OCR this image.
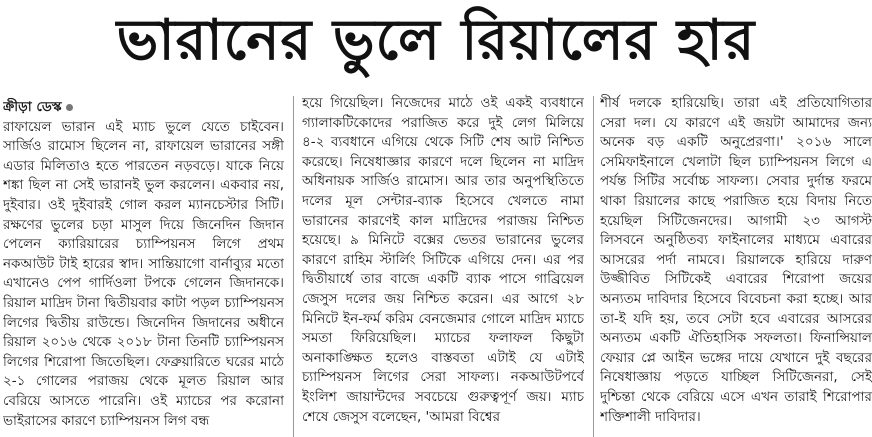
ভারানের ভুলে রিয়ালের হার

ক্রীড়া ডেস্ক
রাফায়েল ভারান এই ম্যাচ ভুলে যেতে চাইবেন। সার্জিও রামোস ছিলেন না, রাফায়েল ভারানের সঙ্গী এডার মিলিতাও হতে পারতেন নড়বড়ে। যাকে নিয়ে শঙ্কা ছিল না সেই ভারানই ভুল করলেন। একবার নয়, দুইবার। ওই দুইবারই গোল করল ম্যানচেস্টার সিটি। রক্ষণের ভুলের চড়া মাসুল দিয়ে জিনেদিন জিদান পেলেন ক্যারিয়ারের চ্যাম্পিয়নস লিগে প্রথম নকআউট টাই হারের স্বাদ। সান্তিয়াগো বার্নাব্যুর মতো এখানেও পেপ গার্দিওলা টপকে গেলেন জিদানকে। রিয়াল মাদ্রিদ টানা দ্বিতীয়বার কাটা পড়ল চ্যাম্পিয়নস লিগের দ্বিতীয় রাউন্ডে। জিনেদিন জিদানের অধীনে রিয়াল ২০১৬ থেকে ২০১৮ টানা তিনটি চ্যাম্পিয়নস লিগের শিরোপা জিতেছিল। ফেব্রুয়ারিতে ঘরের মাঠে ২-১ গোলের পরাজয় থেকে মূলত রিয়াল আর বেরিয়ে আসতে পারেনি। ওই ম্যাচের পর করোনা ভাইরাসের কারণে চ্যাম্পিয়নস লিগ বন্ধ

হয়ে গিয়েছিল। নিজেদের মাঠে ওই একই ব্যবধানে গ্যালাকটিকোদের পরাজিত করে দুই লেগ মিলিয়ে ৪-২ ব্যবধানে এগিয়ে থেকে সিটি শেষ আট নিশ্চিত করেছে। নিষেধাজ্ঞার কারণে দলে ছিলেন না মাদ্রিদ অধিনায়ক সার্জিও রামোস। আর তার অনুপস্থিতিতে দলের মূল সেন্টার-ব্যাক হিসেবে খেলতে নামা ভারানের কারণেই কাল মাদ্রিদের পরাজয় নিশ্চিত হয়েছে। ৯ মিনিটে বক্সের ভেতর ভারানের ভুলের কারণে রাহিম স্টার্লিং সিটিকে এগিয়ে দেন। এর পর দ্বিতীয়ার্ধে তার বাজে একটি ব্যাক পাসে গাব্রিয়েল জেসুস দলের জয় নিশ্চিত করেন। এর আগে ২৮ মিনিটে ইন-ফর্ম করিম বেনজেমার গোলে মাদ্রিদ ম্যাচে সমতা ফিরিয়েছিল। ম্যাচের ফলাফল কিছুটা অনাকাঙ্ক্ষিত হলেও বাস্তবতা এটাই যে এটাই চ্যাম্পিয়নস লিগের সেরা সাফল্য। নকআউটপর্বে ইংলিশ জায়ান্টদের সবচেয়ে গুরুত্বপূর্ণ জয়। ম্যাচ শেষে জেসুস বলেছেন, 'আমরা বিশ্বের

শীর্ষ দলকে হারিয়েছি। তারা এই প্রতিযোগিতার সেরা দল। যে কারণে এই জয়টা আমাদের জন্য অনেক বড় একটি অনুপ্রেরণা।' ২০১৬ সালে সেমিফাইনালে খেলাটা ছিল চ্যাম্পিয়নস লিগে এ পর্যন্ত সিটির সর্বোচ্চ সাফল্য। সেবার দুর্দান্ত ফরমে থাকা রিয়ালের কাছে পরাজিত হয়ে বিদায় নিতে হয়েছিল সিটিজেনদের। আগামী ২৩ আগস্ট লিসবনে অনুষ্ঠিতব্য ফাইনালের মাধ্যমে এবারের আসরের পর্দা নামবে। রিয়ালকে হারিয়ে দারুণ উজ্জীবিত সিটিকেই এবারের শিরোপা জয়ের অন্যতম দাবিদার হিসেবে বিবেচনা করা হচ্ছে। আর তা-ই যদি হয়, তবে সেটা হবে এবারের আসরের অন্যতম একটি ঐতিহাসিক সফলতা। ফিনান্সিয়াল ফেয়ার প্লে আইন ভঙ্গের দায়ে যেখানে দুই বছরের নিষেধাজ্ঞায় পড়তে যাচ্ছিল সিটিজেনরা, সেই দুশ্চিন্তা থেকে বেরিয়ে এসে এখন তারাই শিরোপার শক্তিশালী দাবিদার।
